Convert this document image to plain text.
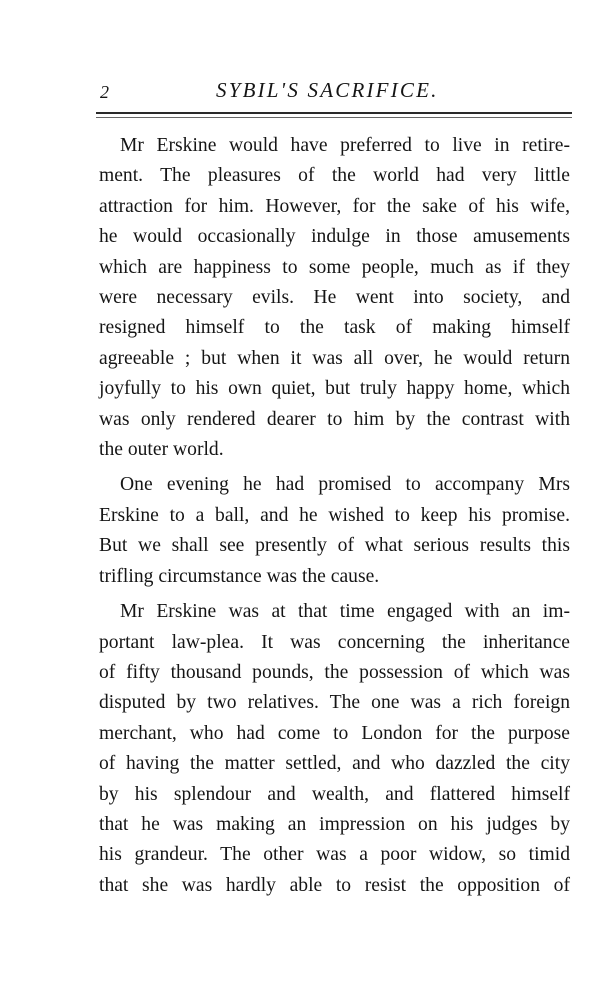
2	SYBIL'S SACRIFICE.

Mr Erskine would have preferred to live in retire-
ment. The pleasures of the world had very little
attraction for him. However, for the sake of his wife,
he would occasionally indulge in those amusements
which are happiness to some people, much as if they
were necessary evils. He went into society, and
resigned himself to the task of making himself
agreeable ; but when it was all over, he would return
joyfully to his own quiet, but truly happy home, which
was only rendered dearer to him by the contrast with
the outer world.

One evening he had promised to accompany Mrs
Erskine to a ball, and he wished to keep his promise.
But we shall see presently of what serious results this
trifling circumstance was the cause.

Mr Erskine was at that time engaged with an im-
portant law-plea. It was concerning the inheritance
of fifty thousand pounds, the possession of which was
disputed by two relatives. The one was a rich foreign
merchant, who had come to London for the purpose
of having the matter settled, and who dazzled the city
by his splendour and wealth, and flattered himself
that he was making an impression on his judges by
his grandeur. The other was a poor widow, so timid
that she was hardly able to resist the opposition of
